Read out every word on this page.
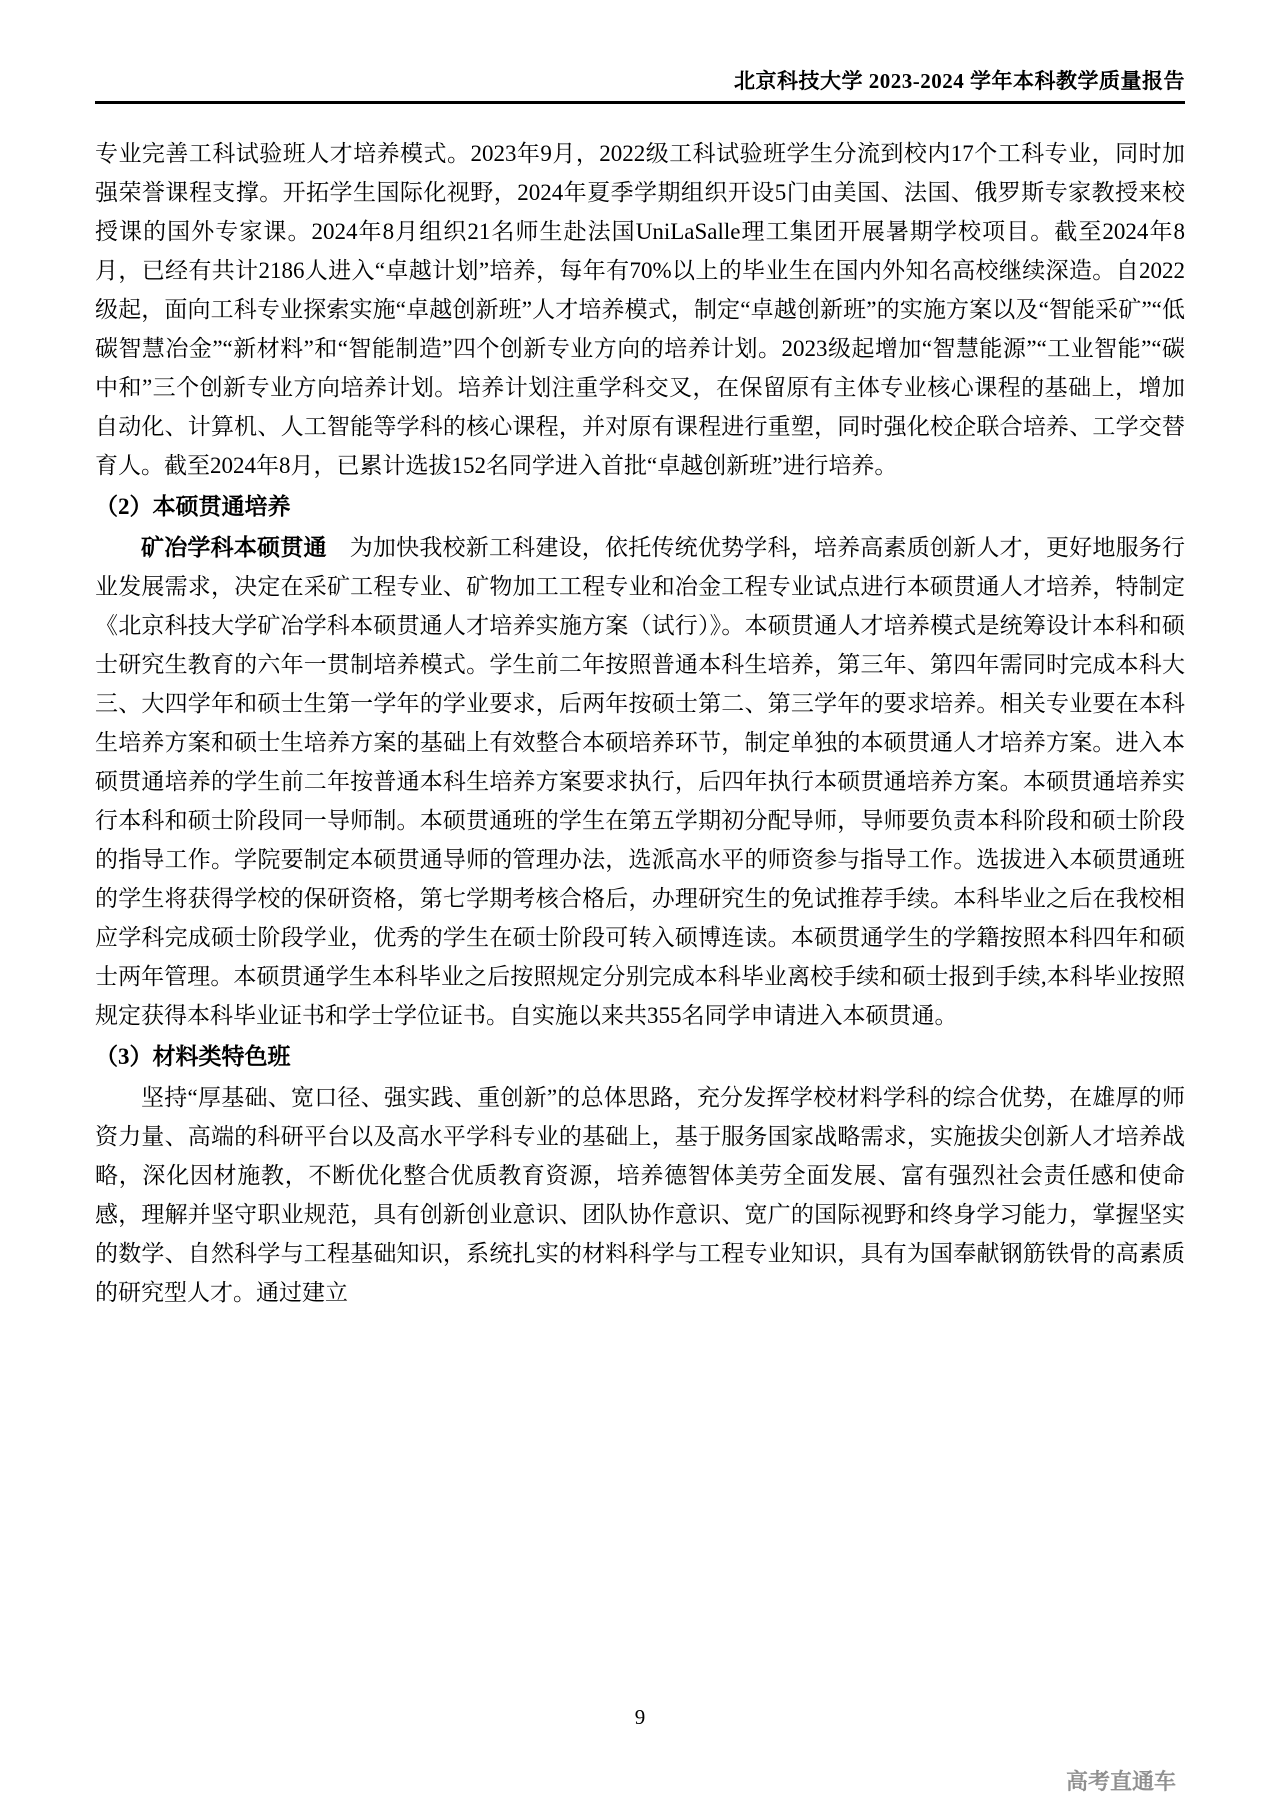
北京科技大学 2023-2024 学年本科教学质量报告

专业完善工科试验班人才培养模式。2023年9月，2022级工科试验班学生分流到校内17个工科专业，同时加强荣誉课程支撑。开拓学生国际化视野，2024年夏季学期组织开设5门由美国、法国、俄罗斯专家教授来校授课的国外专家课。2024年8月组织21名师生赴法国UniLaSalle理工集团开展暑期学校项目。截至2024年8月，已经有共计2186人进入“卓越计划”培养，每年有70%以上的毕业生在国内外知名高校继续深造。自2022级起，面向工科专业探索实施“卓越创新班”人才培养模式，制定“卓越创新班”的实施方案以及“智能采矿”“低碳智慧冶金”“新材料”和“智能制造”四个创新专业方向的培养计划。2023级起增加“智慧能源”“工业智能”“碳中和”三个创新专业方向培养计划。培养计划注重学科交叉，在保留原有主体专业核心课程的基础上，增加自动化、计算机、人工智能等学科的核心课程，并对原有课程进行重塑，同时强化校企联合培养、工学交替育人。截至2024年8月，已累计选拔152名同学进入首批“卓越创新班”进行培养。

（2）本硕贯通培养

矿冶学科本硕贯通 为加快我校新工科建设，依托传统优势学科，培养高素质创新人才，更好地服务行业发展需求，决定在采矿工程专业、矿物加工工程专业和冶金工程专业试点进行本硕贯通人才培养，特制定《北京科技大学矿冶学科本硕贯通人才培养实施方案（试行）》。本硕贯通人才培养模式是统筹设计本科和硕士研究生教育的六年一贯制培养模式。学生前二年按照普通本科生培养，第三年、第四年需同时完成本科大三、大四学年和硕士生第一学年的学业要求，后两年按硕士第二、第三学年的要求培养。相关专业要在本科生培养方案和硕士生培养方案的基础上有效整合本硕培养环节，制定单独的本硕贯通人才培养方案。进入本硕贯通培养的学生前二年按普通本科生培养方案要求执行，后四年执行本硕贯通培养方案。本硕贯通培养实行本科和硕士阶段同一导师制。本硕贯通班的学生在第五学期初分配导师，导师要负责本科阶段和硕士阶段的指导工作。学院要制定本硕贯通导师的管理办法，选派高水平的师资参与指导工作。选拔进入本硕贯通班的学生将获得学校的保研资格，第七学期考核合格后，办理研究生的免试推荐手续。本科毕业之后在我校相应学科完成硕士阶段学业，优秀的学生在硕士阶段可转入硕博连读。本硕贯通学生的学籍按照本科四年和硕士两年管理。本硕贯通学生本科毕业之后按照规定分别完成本科毕业离校手续和硕士报到手续,本科毕业按照规定获得本科毕业证书和学士学位证书。自实施以来共355名同学申请进入本硕贯通。

（3）材料类特色班

坚持“厚基础、宽口径、强实践、重创新”的总体思路，充分发挥学校材料学科的综合优势，在雄厚的师资力量、高端的科研平台以及高水平学科专业的基础上，基于服务国家战略需求，实施拔尖创新人才培养战略，深化因材施教，不断优化整合优质教育资源，培养德智体美劳全面发展、富有强烈社会责任感和使命感，理解并坚守职业规范，具有创新创业意识、团队协作意识、宽广的国际视野和终身学习能力，掌握坚实的数学、自然科学与工程基础知识，系统扎实的材料科学与工程专业知识，具有为国奉献钢筋铁骨的高素质的研究型人才。通过建立

9
高考直通车
